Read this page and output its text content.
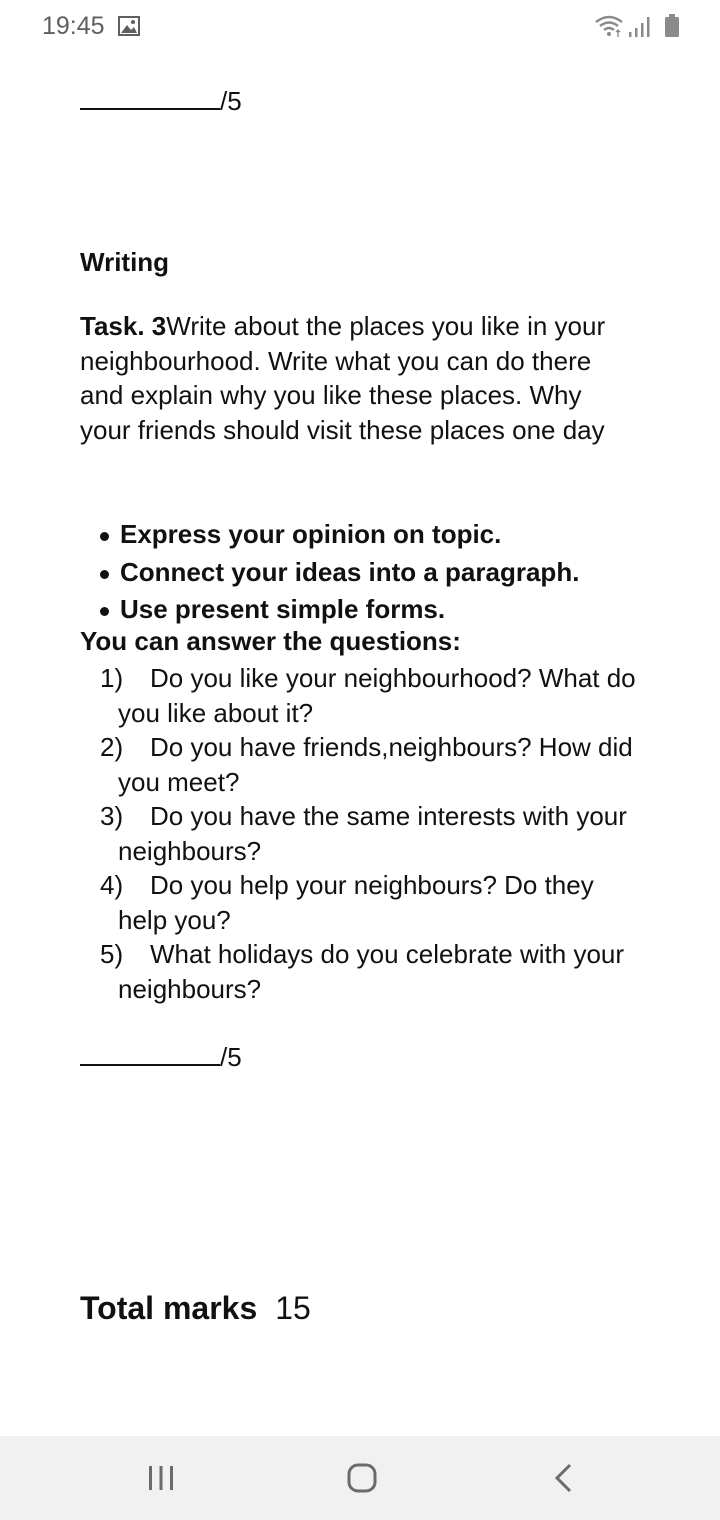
19:45
/5
Writing
Task. 3Write about the places you like in your neighbourhood. Write what you can do there and explain why you like these places. Why your friends should visit these places one day
Express your opinion on topic.
Connect your ideas into a paragraph.
Use present simple forms.
You can answer the questions:
1)	Do you like your neighbourhood? What do you like about it?
2)	Do you have friends,neighbours? How did you meet?
3)	Do you have the same interests with your neighbours?
4)	Do you help your neighbours? Do they help you?
5)	What holidays do you celebrate with your neighbours?
/5
Total marks 15
